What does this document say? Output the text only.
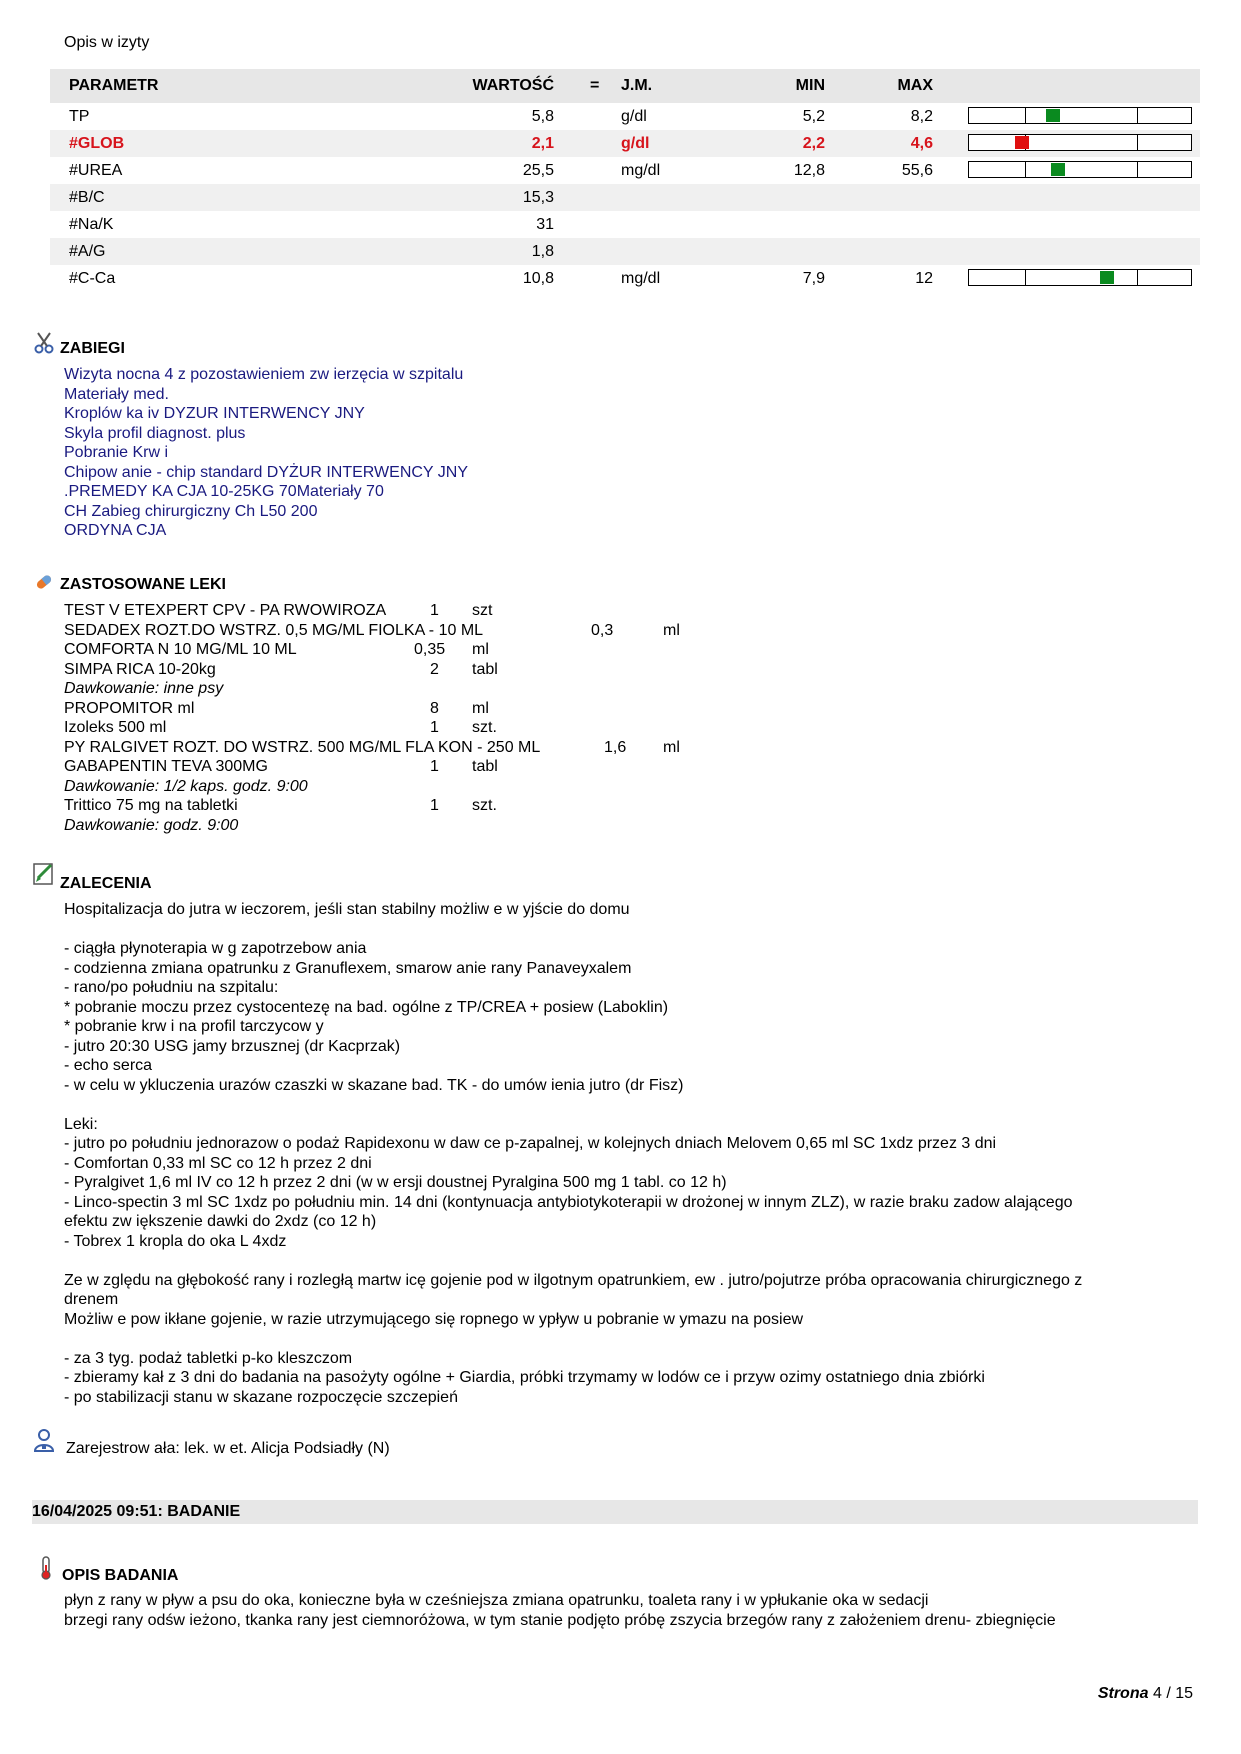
Opis w izyty
PARAMETR	WARTOŚĆ = J.M.	MIN	MAX
TP	5,8	g/dl	5,2	8,2
#GLOB	2,1	g/dl	2,2	4,6
#UREA	25,5	mg/dl	12,8	55,6
#B/C	15,3
#Na/K	31
#A/G	1,8
#C-Ca	10,8	mg/dl	7,9	12
ZABIEGI
Wizyta nocna 4 z pozostawieniem zw ierzęcia w szpitalu
Materiały med.
Kroplów ka iv DYZUR INTERWENCY JNY
Skyla profil diagnost. plus
Pobranie Krw i
Chipow anie - chip standard DYŻUR INTERWENCY JNY
.PREMEDY KA CJA 10-25KG 70Materiały 70
CH Zabieg chirurgiczny Ch L50 200
ORDYNA CJA
ZASTOSOWANE LEKI
TEST V ETEXPERT CPV - PA RWOWIROZA	1 szt
SEDADEX ROZT.DO WSTRZ. 0,5 MG/ML FIOLKA - 10 ML	0,3	ml
COMFORTA N 10 MG/ML 10 ML	0,35 ml
SIMPA RICA 10-20kg	2 tabl
Dawkowanie: inne psy
PROPOMITOR ml	8 ml
Izoleks 500 ml	1 szt.
PY RALGIVET ROZT. DO WSTRZ. 500 MG/ML FLA KON - 250 ML	1,6 ml
GABAPENTIN TEVA 300MG	1 tabl
Dawkowanie: 1/2 kaps. godz. 9:00
Trittico 75 mg na tabletki	1 szt.
Dawkowanie: godz. 9:00
ZALECENIA
Hospitalizacja do jutra w ieczorem, jeśli stan stabilny możliw e w yjście do domu
- ciągła płynoterapia w g zapotrzebow ania
- codzienna zmiana opatrunku z Granuflexem, smarow anie rany Panaveyxalem
- rano/po południu na szpitalu:
* pobranie moczu przez cystocentezę na bad. ogólne z TP/CREA + posiew (Laboklin)
* pobranie krw i na profil tarczycow y
- jutro 20:30 USG jamy brzusznej (dr Kacprzak)
- echo serca
- w celu w ykluczenia urazów czaszki w skazane bad. TK - do umów ienia jutro (dr Fisz)
Leki:
- jutro po południu jednorazow o podaż Rapidexonu w daw ce p-zapalnej, w kolejnych dniach Melovem 0,65 ml SC 1xdz przez 3 dni
- Comfortan 0,33 ml SC co 12 h przez 2 dni
- Pyralgivet 1,6 ml IV co 12 h przez 2 dni (w w ersji doustnej Pyralgina 500 mg 1 tabl. co 12 h)
- Linco-spectin 3 ml SC 1xdz po południu min. 14 dni (kontynuacja antybiotykoterapii w drożonej w innym ZLZ), w razie braku zadow alającego
efektu zw iększenie dawki do 2xdz (co 12 h)
- Tobrex 1 kropla do oka L 4xdz
Ze w zględu na głębokość rany i rozległą martw icę gojenie pod w ilgotnym opatrunkiem, ew . jutro/pojutrze próba opracowania chirurgicznego z
drenem
Możliw e pow ikłane gojenie, w razie utrzymującego się ropnego w ypływ u pobranie w ymazu na posiew
- za 3 tyg. podaż tabletki p-ko kleszczom
- zbieramy kał z 3 dni do badania na pasożyty ogólne + Giardia, próbki trzymamy w lodów ce i przyw ozimy ostatniego dnia zbiórki
- po stabilizacji stanu w skazane rozpoczęcie szczepień
Zarejestrow ała: lek. w et. Alicja Podsiadły (N)
16/04/2025 09:51: BADANIE
OPIS BADANIA
płyn z rany w pływ a psu do oka, konieczne była w cześniejsza zmiana opatrunku, toaleta rany i w ypłukanie oka w sedacji
brzegi rany odśw ieżono, tkanka rany jest ciemnoróżowa, w tym stanie podjęto próbę zszycia brzegów rany z założeniem drenu- zbiegnięcie
Strona 4 / 15
